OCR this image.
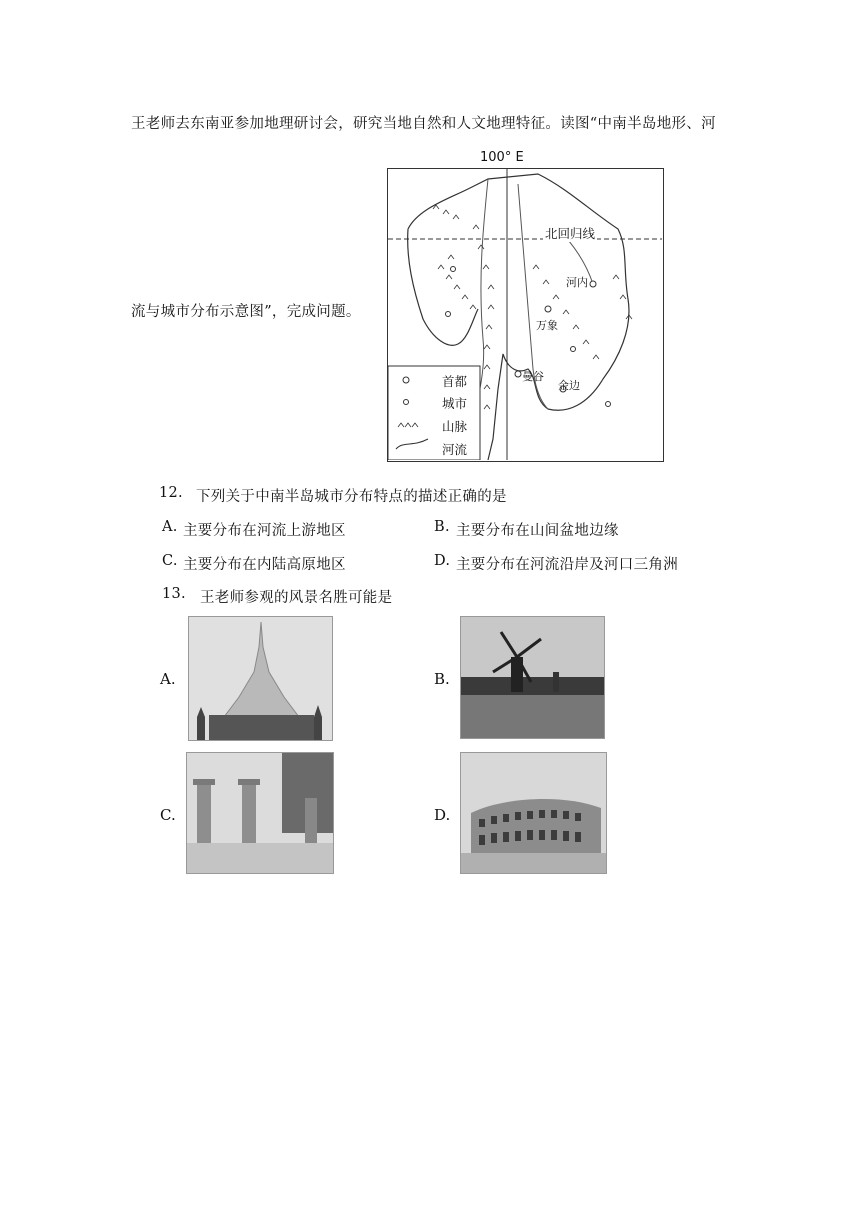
王老师去东南亚参加地理研讨会，研究当地自然和人文地理特征。读图“中南半岛地形、河
流与城市分布示意图”，完成问题。
100° E
北回归线
河内
万象
曼谷
金边
首都
城市
山脉
河流
12. 下列关于中南半岛城市分布特点的描述正确的是
A. 主要分布在河流上游地区	B. 主要分布在山间盆地边缘
C. 主要分布在内陆高原地区	D. 主要分布在河流沿岸及河口三角洲
13. 王老师参观的风景名胜可能是
A.	B.
C.	D.
